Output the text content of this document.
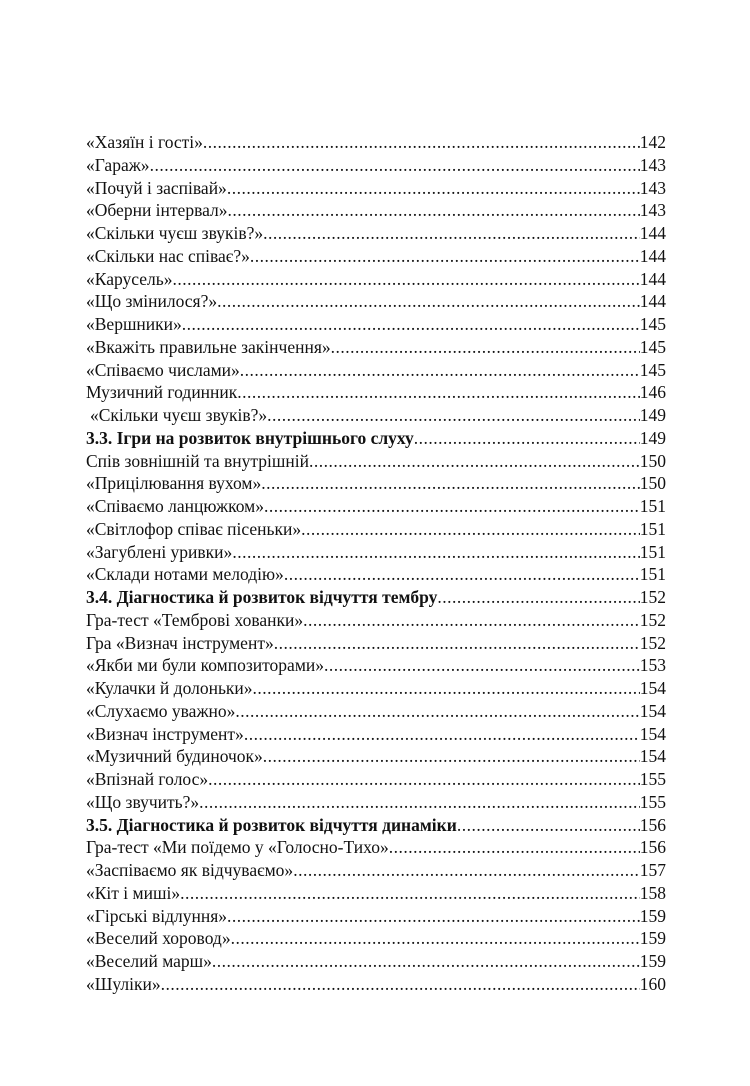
«Хазяїн і гості» .....	142
«Гараж» .....	143
«Почуй і заспівай» .....	143
«Оберни інтервал» .....	143
«Скільки чуєш звуків?» .....	144
«Скільки нас співає?» .....	144
«Карусель» .....	144
«Що змінилося?» .....	144
«Вершники» .....	145
«Вкажіть правильне закінчення» .....	145
«Співаємо числами» .....	145
Музичний годинник .....	146
«Скільки чуєш звуків?» .....	149
3.3. Ігри на розвиток внутрішнього слуху .....	149
Спів зовнішній та внутрішній .....	150
«Прицілювання вухом» .....	150
«Співаємо ланцюжком» .....	151
«Світлофор співає пісеньки» .....	151
«Загублені уривки» .....	151
«Склади нотами мелодію» .....	151
3.4. Діагностика й розвиток відчуття тембру .....	152
Гра-тест «Темброві хованки» .....	152
Гра «Визнач інструмент» .....	152
«Якби ми були композиторами» .....	153
«Кулачки й долоньки» .....	154
«Слухаємо уважно» .....	154
«Визнач інструмент» .....	154
«Музичний будиночок» .....	154
«Впізнай голос» .....	155
«Що звучить?» .....	155
3.5. Діагностика й розвиток відчуття динаміки .....	156
Гра-тест «Ми поїдемо у «Голосно-Тихо» .....	156
«Заспіваємо як відчуваємо» .....	157
«Кіт і миші» .....	158
«Гірські відлуння» .....	159
«Веселий хоровод» .....	159
«Веселий марш» .....	159
«Шуліки» .....	160
